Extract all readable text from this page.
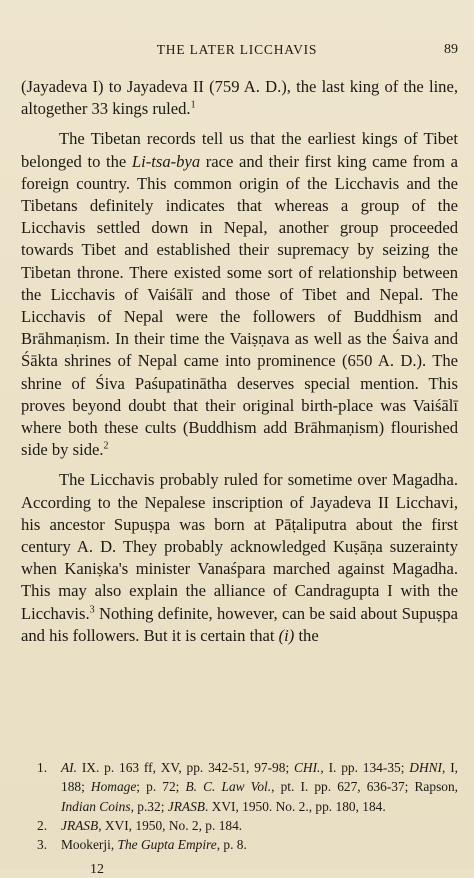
THE LATER LICCHAVIS	89

(Jayadeva I) to Jayadeva II (759 A. D.), the last king of the line, altogether 33 kings ruled.$^1$

The Tibetan records tell us that the earliest kings of Tibet belonged to the Li-tsa-bya race and their first king came from a foreign country. This common origin of the Licchavis and the Tibetans definitely indicates that whereas a group of the Licchavis settled down in Nepal, another group proceeded towards Tibet and established their supremacy by seizing the Tibetan throne. There existed some sort of relationship between the Licchavis of Vaiśālī and those of Tibet and Nepal. The Licchavis of Nepal were the followers of Buddhism and Brāhmaṇism. In their time the Vaiṣṇava as well as the Śaiva and Śākta shrines of Nepal came into prominence (650 A. D.). The shrine of Śiva Paśupatinātha deserves special mention. This proves beyond doubt that their original birth-place was Vaiśālī where both these cults (Buddhism add Brāhmaṇism) flourished side by side.$^2$

The Licchavis probably ruled for sometime over Magadha. According to the Nepalese inscription of Jayadeva II Licchavi, his ancestor Supuṣpa was born at Pāṭaliputra about the first century A. D. They probably acknowledged Kuṣāṇa suzerainty when Kaniṣka's minister Vanaśpara marched against Magadha. This may also explain the alliance of Candragupta I with the Licchavis.$^3$ Nothing definite, however, can be said about Supuṣpa and his followers. But it is certain that (i) the

1. AI. IX. p. 163 ff, XV, pp. 342-51, 97-98; CHI., I. pp. 134-35; DHNI, I, 188; Homage; p. 72; B. C. Law Vol., pt. I. pp. 627, 636-37; Rapson, Indian Coins, p.32; JRASB. XVI, 1950. No. 2., pp. 180, 184.
2. JRASB, XVI, 1950, No. 2, p. 184.
3. Mookerji, The Gupta Empire, p. 8.
12
